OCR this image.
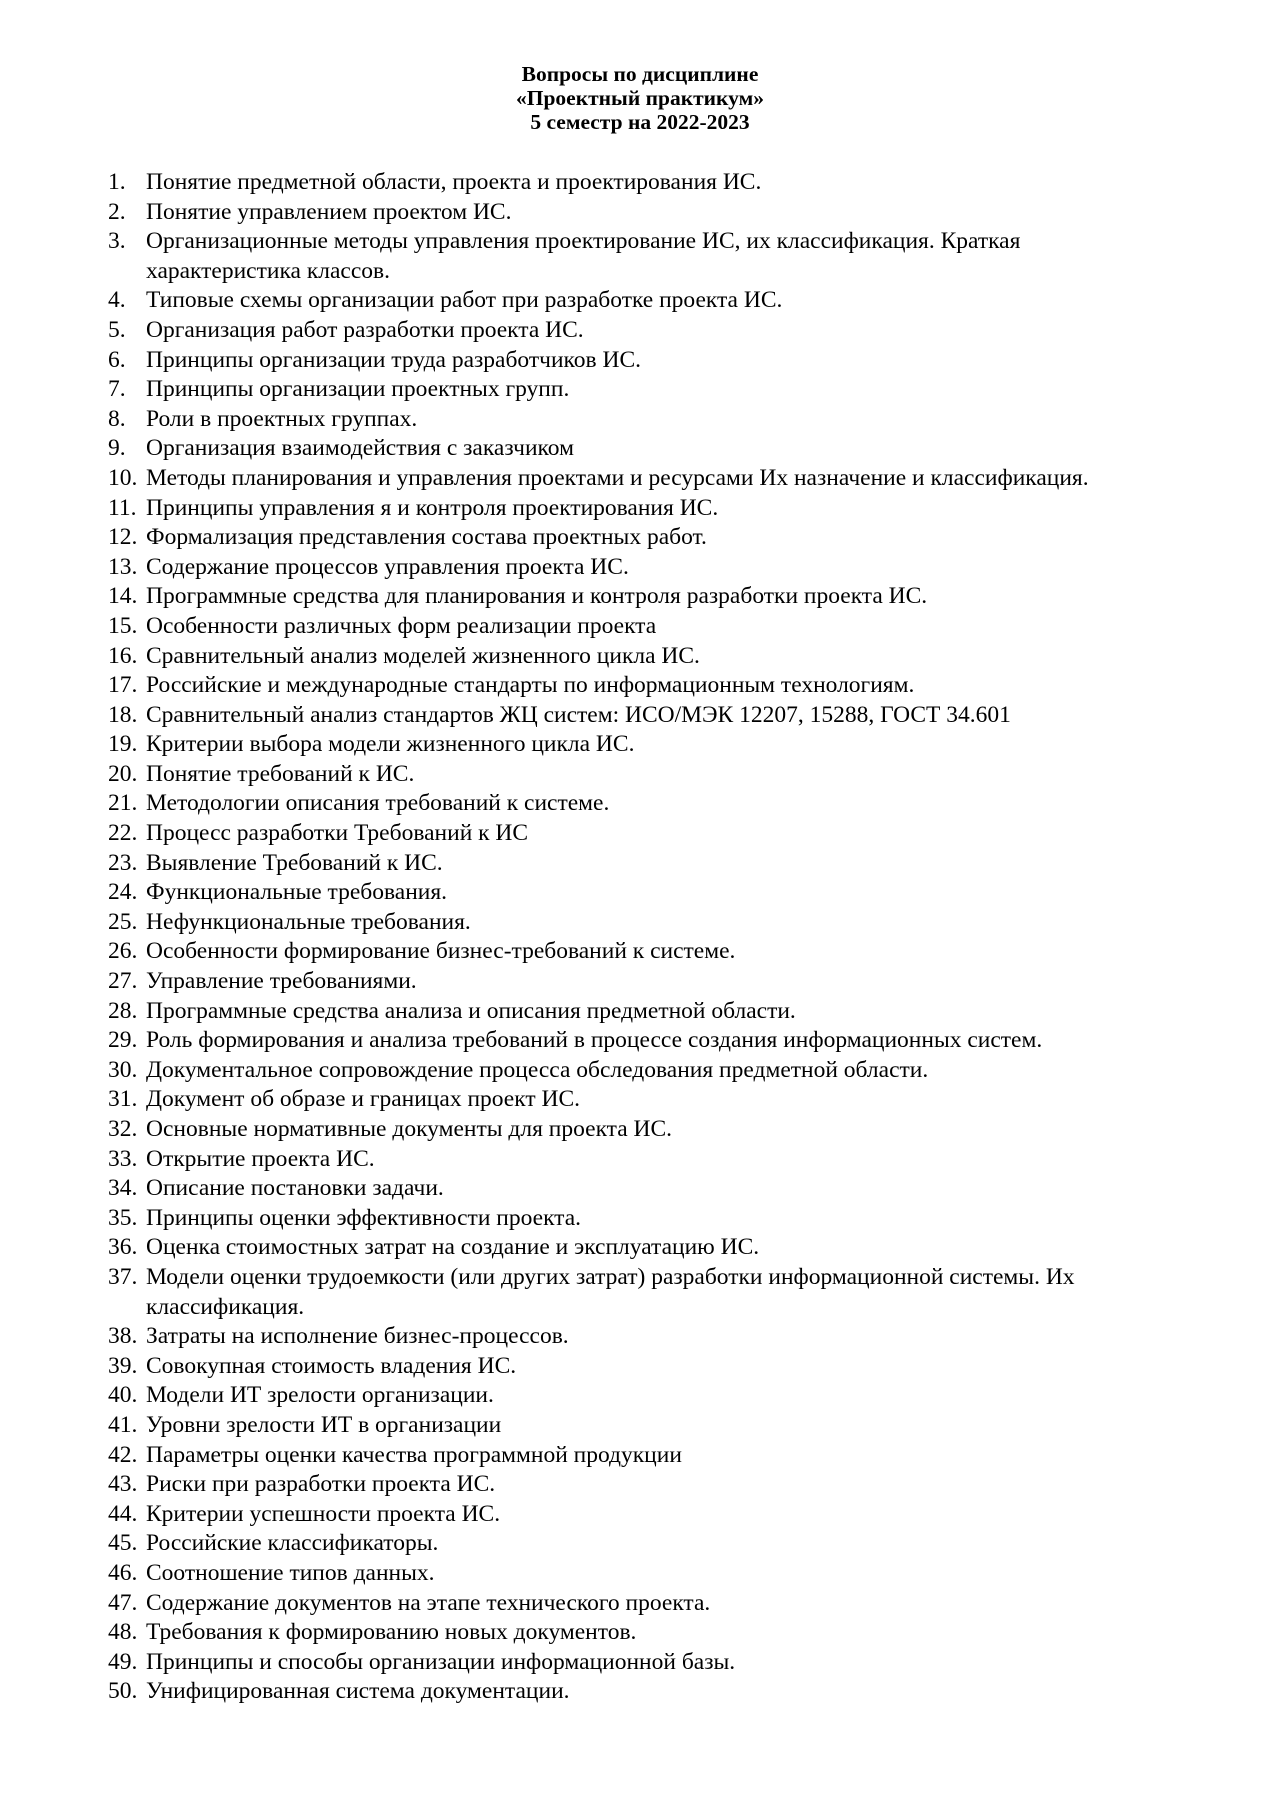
Вопросы по дисциплине
«Проектный практикум»
5 семестр на 2022-2023
1. Понятие предметной области, проекта и проектирования ИС.
2. Понятие управлением проектом ИС.
3. Организационные методы управления проектирование ИС, их классификация. Краткая
характеристика классов.
4. Типовые схемы организации работ при разработке проекта ИС.
5. Организация работ разработки проекта ИС.
6. Принципы организации труда разработчиков ИС.
7. Принципы организации проектных групп.
8. Роли в проектных группах.
9. Организация взаимодействия с заказчиком
10. Методы планирования и управления проектами и ресурсами Их назначение и классификация.
11. Принципы управления я и контроля проектирования ИС.
12. Формализация представления состава проектных работ.
13. Содержание процессов управления проекта ИС.
14. Программные средства для планирования и контроля разработки проекта ИС.
15. Особенности различных форм реализации проекта
16. Сравнительный анализ моделей жизненного цикла ИС.
17. Российские и международные стандарты по информационным технологиям.
18. Сравнительный анализ стандартов ЖЦ систем: ИСО/МЭК 12207, 15288, ГОСТ 34.601
19. Критерии выбора модели жизненного цикла ИС.
20. Понятие требований к ИС.
21. Методологии описания требований к системе.
22. Процесс разработки Требований к ИС
23. Выявление Требований к ИС.
24. Функциональные требования.
25. Нефункциональные требования.
26. Особенности формирование бизнес-требований к системе.
27. Управление требованиями.
28. Программные средства анализа и описания предметной области.
29. Роль формирования и анализа требований в процессе создания информационных систем.
30. Документальное сопровождение процесса обследования предметной области.
31. Документ об образе и границах проект ИС.
32. Основные нормативные документы для проекта ИС.
33. Открытие проекта ИС.
34. Описание постановки задачи.
35. Принципы оценки эффективности проекта.
36. Оценка стоимостных затрат на создание и эксплуатацию ИС.
37. Модели оценки трудоемкости (или других затрат) разработки информационной системы. Их
классификация.
38. Затраты на исполнение бизнес-процессов.
39. Совокупная стоимость владения ИС.
40. Модели ИТ зрелости организации.
41. Уровни зрелости ИТ в организации
42. Параметры оценки качества программной продукции
43. Риски при разработки проекта ИС.
44. Критерии успешности проекта ИС.
45. Российские классификаторы.
46. Соотношение типов данных.
47. Содержание документов на этапе технического проекта.
48. Требования к формированию новых документов.
49. Принципы и способы организации информационной базы.
50. Унифицированная система документации.
